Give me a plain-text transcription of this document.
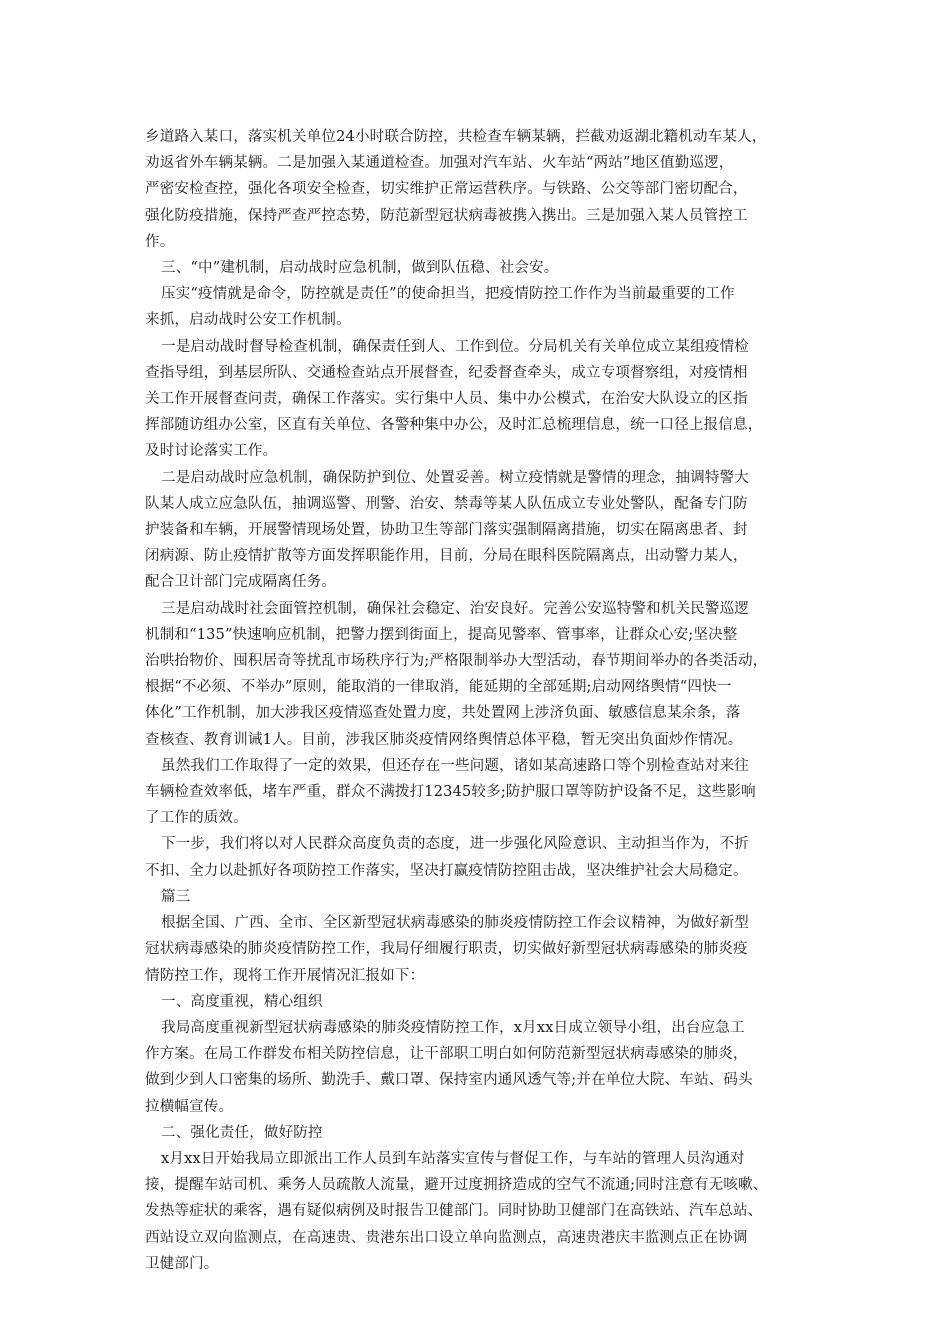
乡道路入某口，落实机关单位24小时联合防控，共检查车辆某辆，拦截劝返湖北籍机动车某人，
劝返省外车辆某辆。二是加强入某通道检查。加强对汽车站、火车站“两站”地区值勤巡逻，
严密安检查控，强化各项安全检查，切实维护正常运营秩序。与铁路、公交等部门密切配合，
强化防疫措施，保持严查严控态势，防范新型冠状病毒被携入携出。三是加强入某人员管控工
作。
三、“中”建机制，启动战时应急机制，做到队伍稳、社会安。
压实“疫情就是命令，防控就是责任”的使命担当，把疫情防控工作作为当前最重要的工作
来抓，启动战时公安工作机制。
一是启动战时督导检查机制，确保责任到人、工作到位。分局机关有关单位成立某组疫情检
查指导组，到基层所队、交通检查站点开展督查，纪委督查牵头，成立专项督察组，对疫情相
关工作开展督查问责，确保工作落实。实行集中人员、集中办公模式，在治安大队设立的区指
挥部随访组办公室，区直有关单位、各警种集中办公，及时汇总梳理信息，统一口径上报信息，
及时讨论落实工作。
二是启动战时应急机制，确保防护到位、处置妥善。树立疫情就是警情的理念，抽调特警大
队某人成立应急队伍，抽调巡警、刑警、治安、禁毒等某人队伍成立专业处警队，配备专门防
护装备和车辆，开展警情现场处置，协助卫生等部门落实强制隔离措施，切实在隔离患者、封
闭病源、防止疫情扩散等方面发挥职能作用，目前，分局在眼科医院隔离点，出动警力某人，
配合卫计部门完成隔离任务。
三是启动战时社会面管控机制，确保社会稳定、治安良好。完善公安巡特警和机关民警巡逻
机制和“135”快速响应机制，把警力摆到街面上，提高见警率、管事率，让群众心安;坚决整
治哄抬物价、囤积居奇等扰乱市场秩序行为;严格限制举办大型活动，春节期间举办的各类活动，
根据“不必须、不举办”原则，能取消的一律取消，能延期的全部延期;启动网络舆情“四快一
体化”工作机制，加大涉我区疫情巡查处置力度，共处置网上涉济负面、敏感信息某余条，落
查核查、教育训诫1人。目前，涉我区肺炎疫情网络舆情总体平稳，暂无突出负面炒作情况。
虽然我们工作取得了一定的效果，但还存在一些问题，诸如某高速路口等个别检查站对来往
车辆检查效率低，堵车严重，群众不满拨打12345较多;防护服口罩等防护设备不足，这些影响
了工作的质效。
下一步，我们将以对人民群众高度负责的态度，进一步强化风险意识、主动担当作为，不折
不扣、全力以赴抓好各项防控工作落实，坚决打赢疫情防控阻击战，坚决维护社会大局稳定。
篇三
根据全国、广西、全市、全区新型冠状病毒感染的肺炎疫情防控工作会议精神，为做好新型
冠状病毒感染的肺炎疫情防控工作，我局仔细履行职责，切实做好新型冠状病毒感染的肺炎疫
情防控工作，现将工作开展情况汇报如下：
一、高度重视，精心组织
我局高度重视新型冠状病毒感染的肺炎疫情防控工作，x月xx日成立领导小组，出台应急工
作方案。在局工作群发布相关防控信息，让干部职工明白如何防范新型冠状病毒感染的肺炎，
做到少到人口密集的场所、勤洗手、戴口罩、保持室内通风透气等;并在单位大院、车站、码头
拉横幅宣传。
二、强化责任，做好防控
x月xx日开始我局立即派出工作人员到车站落实宣传与督促工作，与车站的管理人员沟通对
接，提醒车站司机、乘务人员疏散人流量，避开过度拥挤造成的空气不流通;同时注意有无咳嗽、
发热等症状的乘客，遇有疑似病例及时报告卫健部门。同时协助卫健部门在高铁站、汽车总站、
西站设立双向监测点，在高速贵、贵港东出口设立单向监测点，高速贵港庆丰监测点正在协调
卫健部门。
